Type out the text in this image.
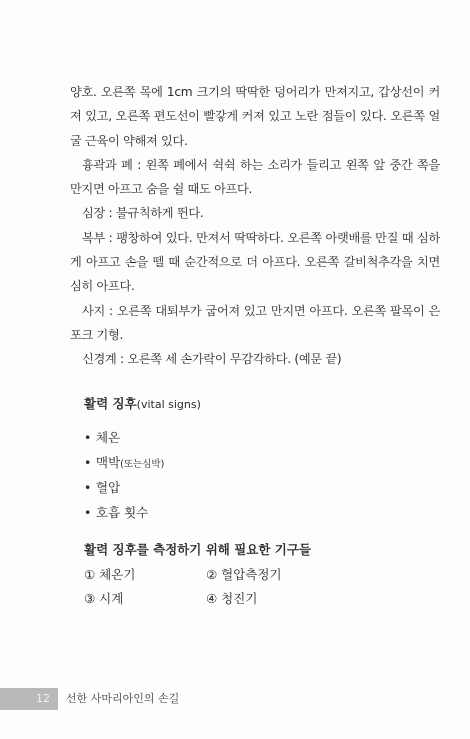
양호. 오른쪽 목에 1cm 크기의 딱딱한 덩어리가 만져지고, 갑상선이 커져 있고, 오른쪽 편도선이 빨갛게 커져 있고 노란 점들이 있다. 오른쪽 얼굴 근육이 약해져 있다.

흉곽과 폐 : 왼쪽 폐에서 쉭쉭 하는 소리가 들리고 왼쪽 앞 중간 쪽을 만지면 아프고 숨을 쉴 때도 아프다.

심장 : 불규칙하게 뛴다.

복부 : 팽창하여 있다. 만져서 딱딱하다. 오른쪽 아랫배를 만질 때 심하게 아프고 손을 뗄 때 순간적으로 더 아프다. 오른쪽 갈비척추각을 치면 심히 아프다.

사지 : 오른쪽 대퇴부가 굽어져 있고 만지면 아프다. 오른쪽 팔목이 은포크 기형.

신경계 : 오른쪽 세 손가락이 무감각하다. (예문 끝)

활력 징후(vital signs)
• 체온
• 맥박(또는심박)
• 혈압
• 호흡 횟수
활력 징후를 측정하기 위해 필요한 기구들
① 체온기	② 혈압측정기
③ 시계	④ 청진기
12	선한 사마리아인의 손길
